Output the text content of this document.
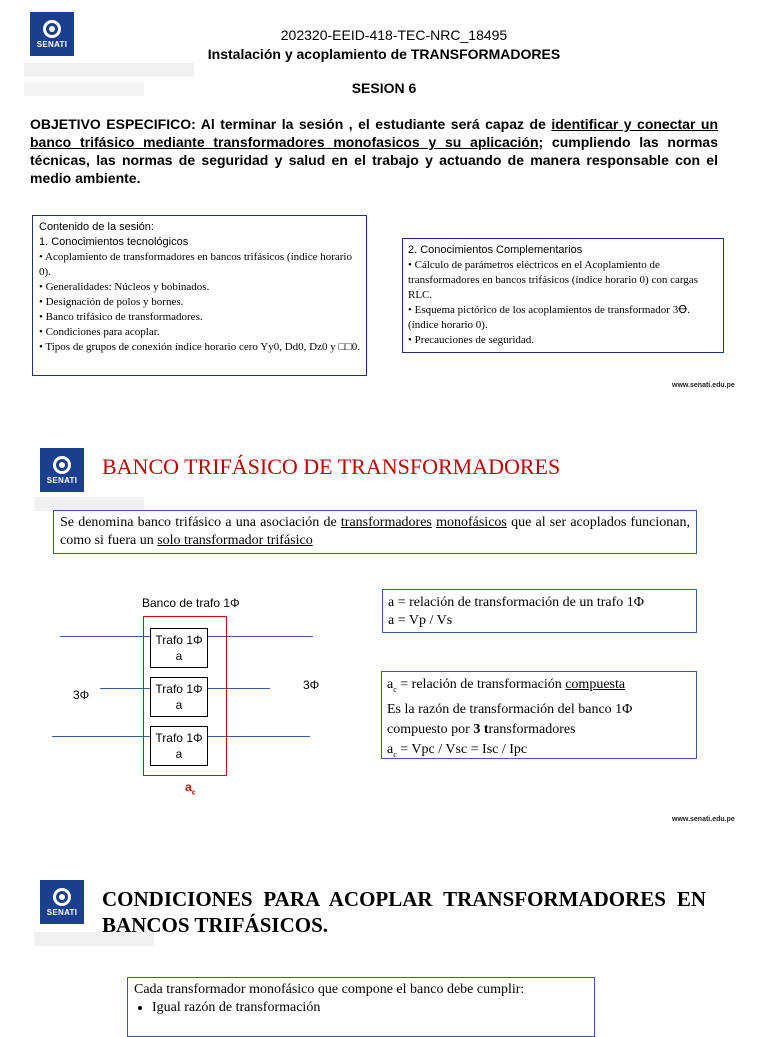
SENATI
202320-EEID-418-TEC-NRC_18495
Instalación y acoplamiento de TRANSFORMADORES
SESION 6
OBJETIVO ESPECIFICO: Al terminar la sesión , el estudiante será capaz de identificar y conectar un banco trifásico mediante transformadores monofasicos y su aplicación; cumpliendo las normas técnicas, las normas de seguridad y salud en el trabajo y actuando de manera responsable con el medio ambiente.
Contenido de la sesión:
1. Conocimientos tecnológicos
• Acoplamiento de transformadores en bancos trifásicos (índice horario 0).
• Generalidades: Núcleos y bobinados.
• Designación de polos y bornes.
• Banco trifásico de transformadores.
• Condiciones para acoplar.
• Tipos de grupos de conexión índice horario cero Yy0, Dd0, Dz0 y □□0.
2. Conocimientos Complementarios
• Cálculo de parámetros eléctricos en el Acoplamiento de transformadores en bancos trifásicos (índice horario 0) con cargas RLC.
• Esquema pictórico de los acoplamientos de transformador 3Ꝋ.(índice horario 0).
• Precauciones de seguridad.
www.senati.edu.pe
SENATI
BANCO TRIFÁSICO DE TRANSFORMADORES
Se denomina banco trifásico a una asociación de transformadores monofásicos que al ser acoplados funcionan, como si fuera un solo transformador trifásico
Banco de trafo 1Φ
Trafo 1Φ
a
Trafo 1Φ
a
Trafo 1Φ
a
3Φ
3Φ
$a_c$
a = relación de transformación de un trafo 1Φ
a = Vp / Vs
$a_c$ = relación de transformación compuesta
Es la razón de transformación del banco 1Φ
compuesto por 3 transformadores
$a_c$ = Vpc / Vsc = Isc / Ipc
www.senati.edu.pe
SENATI
CONDICIONES PARA ACOPLAR TRANSFORMADORES EN BANCOS TRIFÁSICOS.
Cada transformador monofásico que compone el banco debe cumplir:
• Igual razón de transformación
